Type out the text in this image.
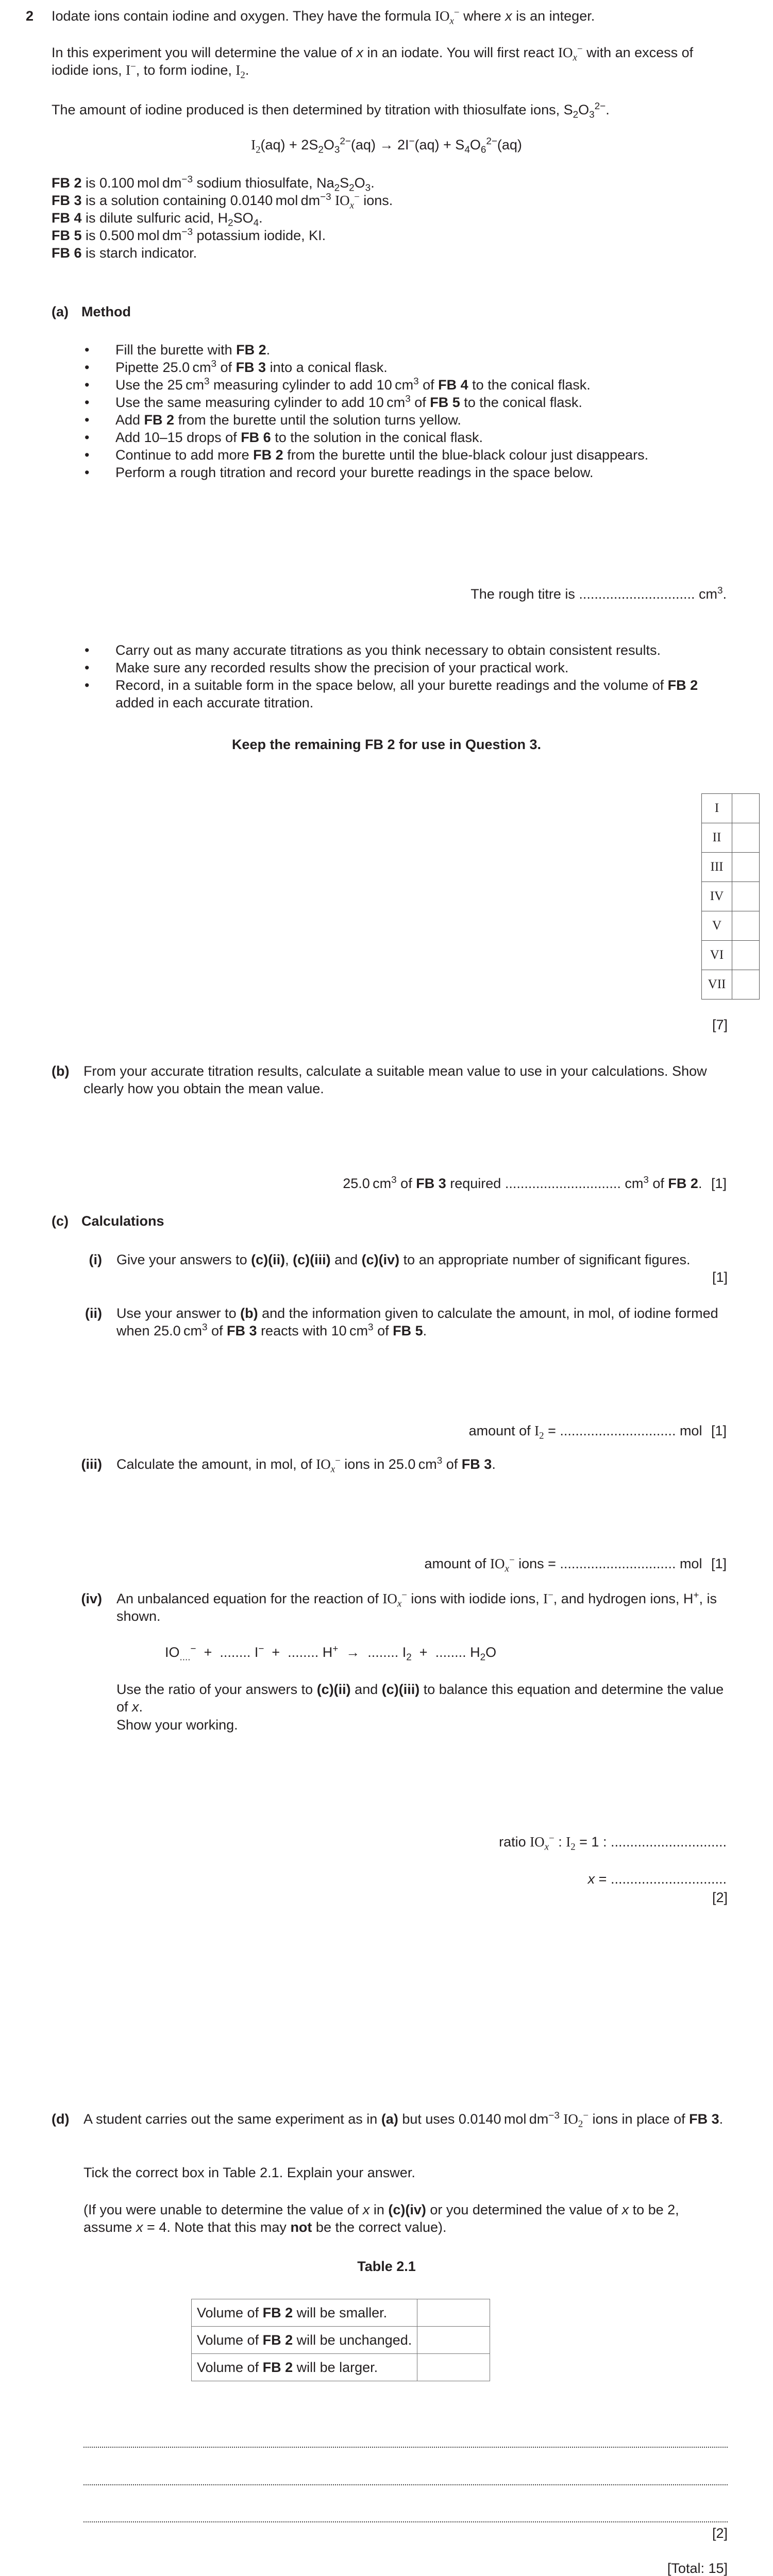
2 Iodate ions contain iodine and oxygen. They have the formula $IO_x^-$ where x is an integer.
In this experiment you will determine the value of x in an iodate. You will first react $IO_x^-$ with an excess of iodide ions, I−, to form iodine, $I_2$.
The amount of iodine produced is then determined by titration with thiosulfate ions, $S_2O_3^{2-}$.
$I_2(aq) + 2S_2O_3^{2-}(aq) \to 2I^-(aq) + S_4O_6^{2-}(aq)$
FB 2 is 0.100 mol $dm^{-3}$ sodium thiosulfate, $Na_2S_2O_3$.
FB 3 is a solution containing 0.0140 mol $dm^{-3}$ $IO_x^-$ ions.
FB 4 is dilute sulfuric acid, $H_2SO_4$.
FB 5 is 0.500 mol $dm^{-3}$ potassium iodide, KI.
FB 6 is starch indicator.
(a) Method
• Fill the burette with FB 2.
• Pipette 25.0 $cm^3$ of FB 3 into a conical flask.
• Use the 25 $cm^3$ measuring cylinder to add 10 $cm^3$ of FB 4 to the conical flask.
• Use the same measuring cylinder to add 10 $cm^3$ of FB 5 to the conical flask.
• Add FB 2 from the burette until the solution turns yellow.
• Add 10–15 drops of FB 6 to the solution in the conical flask.
• Continue to add more FB 2 from the burette until the blue-black colour just disappears.
• Perform a rough titration and record your burette readings in the space below.
The rough titre is .............................. $cm^3$.
• Carry out as many accurate titrations as you think necessary to obtain consistent results.
• Make sure any recorded results show the precision of your practical work.
• Record, in a suitable form in the space below, all your burette readings and the volume of FB 2 added in each accurate titration.
Keep the remaining FB 2 for use in Question 3.
I	
II	
III	
IV	
V	
VI	
VII	
[7]
(b) From your accurate titration results, calculate a suitable mean value to use in your calculations. Show clearly how you obtain the mean value.
25.0 $cm^3$ of FB 3 required .............................. $cm^3$ of FB 2. [1]
(c) Calculations
(i) Give your answers to (c)(ii), (c)(iii) and (c)(iv) to an appropriate number of significant figures.
[1]
(ii) Use your answer to (b) and the information given to calculate the amount, in mol, of iodine formed when 25.0 $cm^3$ of FB 3 reacts with 10 $cm^3$ of FB 5.
amount of $I_2$ = .............................. mol [1]
(iii) Calculate the amount, in mol, of $IO_x^-$ ions in 25.0 $cm^3$ of FB 3.
amount of $IO_x^-$ ions = .............................. mol [1]
(iv) An unbalanced equation for the reaction of $IO_x^-$ ions with iodide ions, I−, and hydrogen ions, H+, is shown.
$IO_{....}^-$  +  ........ I−  +  ........ H+  →  ........ $I_2$  +  ........ $H_2O$
Use the ratio of your answers to (c)(ii) and (c)(iii) to balance this equation and determine the value of x.
Show your working.
ratio $IO_x^-$ : $I_2 = 1$ : ..............................
x = ..............................
[2]
(d) A student carries out the same experiment as in (a) but uses 0.0140 mol $dm^{-3}$ $IO_2^-$ ions in place of FB 3.
Tick the correct box in Table 2.1. Explain your answer.
(If you were unable to determine the value of x in (c)(iv) or you determined the value of x to be 2, assume x = 4. Note that this may not be the correct value).
Table 2.1
Volume of FB 2 will be smaller.	
Volume of FB 2 will be unchanged.	
Volume of FB 2 will be larger.	
[2]
[Total: 15]
